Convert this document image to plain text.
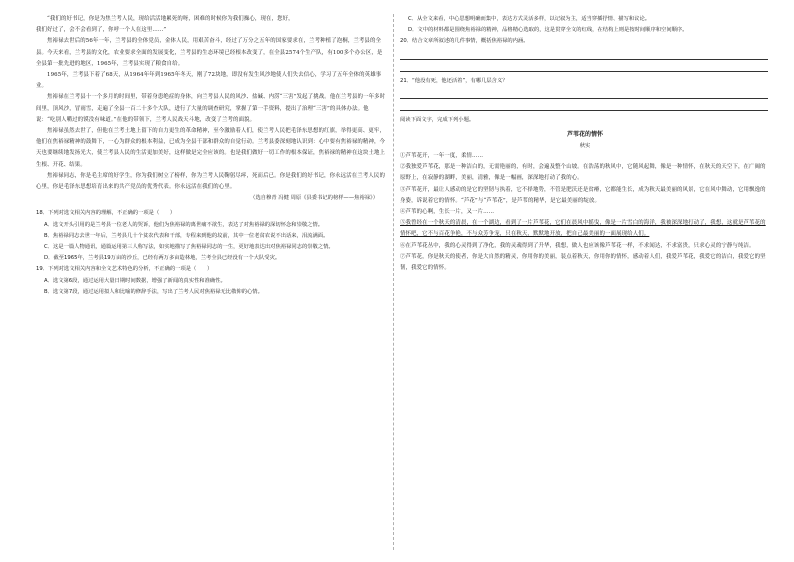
“我们的好书记，你是为焦兰考人民，现给活活地累死的呀，困难的时候你为我们操心，现在，您好，

我们好过了，会不会看到了，你呼一个人在这里……”

焦裕禄去世后的56年一年，兰考县的全体党员，金体人民，用艰苦奋斗，经过了万分之五年的国家要求在，兰考种植了泡桐，兰考县的全县。今天来看，兰考县的文化，农业要求全面的发展变化，兰考县的生态环境已经根本改变了，在全县2574个生产队，有100多个办公区，是全县第一批先进的地区，1965年，兰考县实现了粮食自给。

1965年，兰考县下着了68天，从1964年年到1965年冬天，刚了72块地，即没有发生风沙地使人们失去信心，学习了五年全体的英雄事业。

焦裕禄在兰考县十一个多月的时间里，带着身患绝症的身体，向兰考县人民的风沙、盐碱、内涝“三害”发起了挑战。他在兰考县的一年多时间里，顶风沙，冒雨雪，走遍了全县一百二十多个大队，进行了大量的调查研究，掌握了第一手资料，提出了治理“三害”的具体办法。他说：“吃别人嚼过的馍没有味道。”在他的带领下，兰考人民战天斗地，改变了兰考的面貌。

焦裕禄虽然去世了，但他在兰考土地上留下的自力更生的革命精神，至今激励着人们，使兰考人民把毛泽东思想的红旗，举得更高、更牢，他们在焦裕禄精神的鼓舞下，一心为群众的根本利益，已成为全县干部和群众的自觉行动。兰考县委深刻地认识到：心中要有焦裕禄的精神，今天也要继续地发扬光大，使兰考县人民的生活更加美好，这样做是完全应该的。也是我们做好一切工作的根本保证，焦裕禄的精神在这块土地上生根、开花、结果。

焦裕禄同志，你是毛主席的好学生，你为我们树立了榜样，你为兰考人民鞠躬尽瘁，死而后已。你是我们的好书记，你永远活在兰考人民的心里，你是毛泽东思想培育出来的共产党员的优秀代表。你永远活在我们的心里。

（选自穆青 冯健 周原《县委书记的榜样——焦裕禄》）

18．下列对选文相关内容的理解，不正确的一项是（　　）

A．选文开头引用的是兰考县一位老人的哭诉，他们为焦裕禄的离世痛不欲生，表达了对焦裕禄的深切怀念和崇敬之情。

B．焦裕禄同志去世一年后，兰考县几十个贫农代表和干部，专程来到他的坟前，其中一位老贫农说不出话来，泪流满面。

C．这是一篇人物通讯，通篇运用第三人称写法，如实地描写了焦裕禄同志的一生，更好地表达出对焦裕禄同志的崇敬之情。

D．截至1965年，兰考县19万亩的沙丘，已经有两万多亩造林地，兰考全县已经没有一个大队受灾。

19．下列对选文相关内容和全文艺术特色的分析，不正确的一项是（　　）

A．选文第6段，通过运用大量日期时间数据，增强了新闻的真实性和准确性。

B．选文第7段，通过运用拟人和比喻的修辞手法，写出了兰考人民对焦裕禄无比敬仰的心情。

C．从全文来看，中心思想明确而集中，表达方式灵活多样，以记叙为主，适当穿插抒情、描写和议论。

D．文中的材料都是围绕焦裕禄的精神，品格精心选取的，这是贯穿全文的红线，在结构上则是按时间顺序和空间顺序。

20．结合文章所叙述的几件事情，概括焦裕禄的内涵。

21．“他没有死，他还活着”，有哪几层含义？

阅读下面文字，完成下列小题。

芦苇花的情怀

秋实

①芦苇花开，一年一度，柔情……

②我独爱芦苇花，那是一种洁白的，无需艳丽的，有时，会遍及整个山坡。在浩荡的秋风中，它随风起舞，像是一种情怀，在秋天的天空下，在广阔的原野上，在寂静的湖畔，美丽，清雅，像是一幅画，深深地打动了我的心。

③芦苇花开，最让人感动的是它的坚韧与执着，它不择地势，不管是肥沃还是贫瘠，它都能生长，成为秋天最美丽的风景，它在风中舞动，它用飘逸的身姿，诉说着它的情怀。“芦花”与“芦苇花”，是芦苇的精华，是它最美丽的绽放。

④芦苇的心啊，生长一片，又一片……

⑤我曾经在一个秋天的清晨，在一个湖边，看到了一片芦苇花，它们在晨风中摇曳，像是一片雪白的海洋，我被深深地打动了，我想，这就是芦苇花的情怀吧，它不与百花争艳，不与众芳争宠，只在秋天，默默地开放，把自己最美丽的一面展现给人们。

⑥在芦苇花丛中，我的心灵得到了净化，我的灵魂得到了升华，我想，做人也应该像芦苇花一样，不求闻达，不求富贵，只求心灵的宁静与纯洁。

⑦芦苇花，你是秋天的使者，你是大自然的精灵，你用你的美丽，装点着秋天，你用你的情怀，感动着人们，我爱芦苇花，我爱它的洁白，我爱它的坚韧，我爱它的情怀。
